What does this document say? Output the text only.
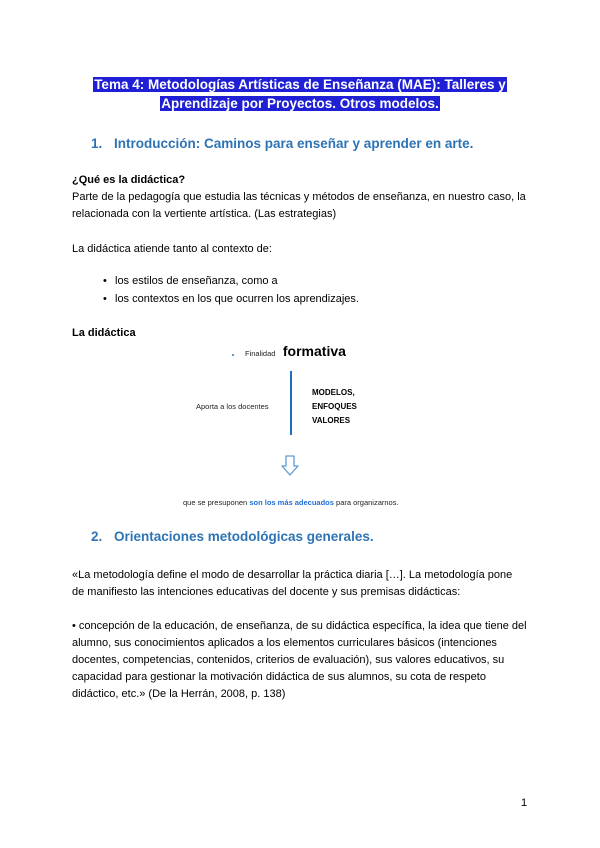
Tema 4: Metodologías Artísticas de Enseñanza (MAE): Talleres y Aprendizaje por Proyectos. Otros modelos.
1. Introducción: Caminos para enseñar y aprender en arte.
¿Qué es la didáctica?
Parte de la pedagogía que estudia las técnicas y métodos de enseñanza, en nuestro caso, la
relacionada con la vertiente artística. (Las estrategias)
La didáctica atiende tanto al contexto de:
• los estilos de enseñanza, como a
• los contextos en los que ocurren los aprendizajes.
La didáctica
Finalidad formativa
Aporta a los docentes
MODELOS,
ENFOQUES
VALORES
que se presuponen son los más adecuados para organizarnos.
2. Orientaciones metodológicas generales.
«La metodología define el modo de desarrollar la práctica diaria […]. La metodología pone
de manifiesto las intenciones educativas del docente y sus premisas didácticas:
• concepción de la educación, de enseñanza, de su didáctica específica, la idea que tiene del
alumno, sus conocimientos aplicados a los elementos curriculares básicos (intenciones
docentes, competencias, contenidos, criterios de evaluación), sus valores educativos, su
capacidad para gestionar la motivación didáctica de sus alumnos, su cota de respeto
didáctico, etc.» (De la Herrán, 2008, p. 138)
1
